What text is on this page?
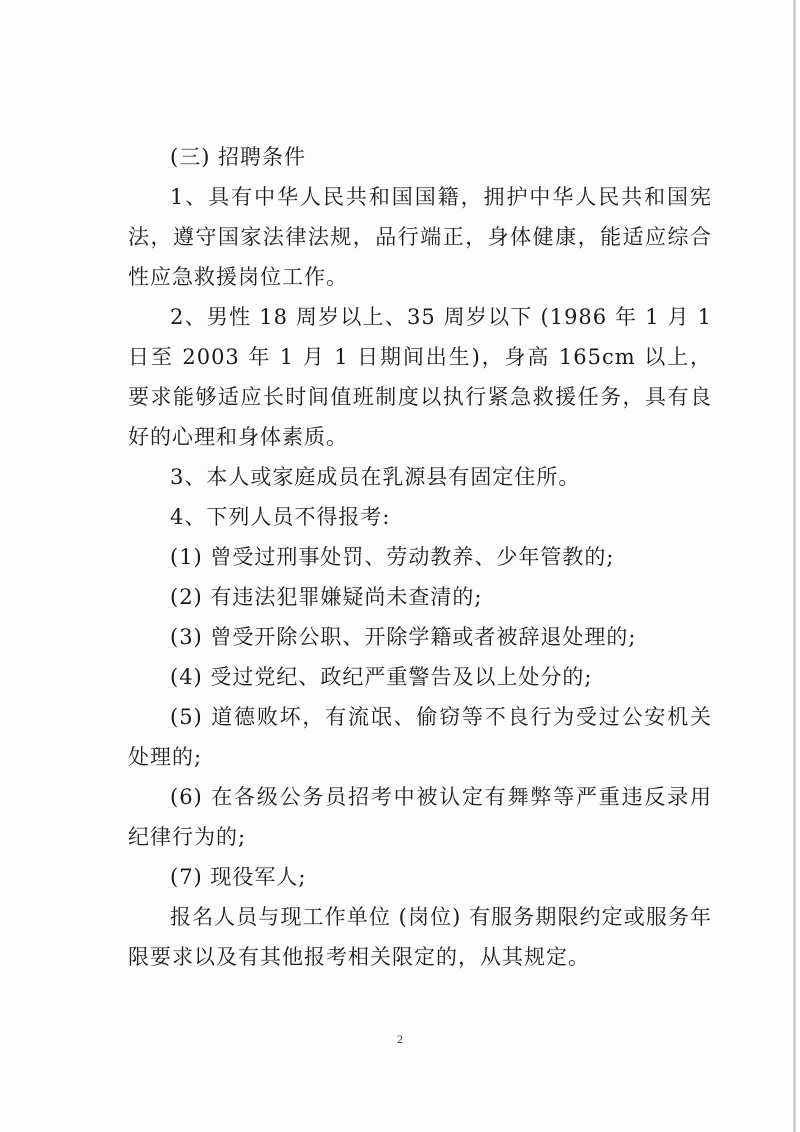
(三) 招聘条件

1、具有中华人民共和国国籍，拥护中华人民共和国宪法，遵守国家法律法规，品行端正，身体健康，能适应综合性应急救援岗位工作。

2、男性 18 周岁以上、35 周岁以下 (1986 年 1 月 1 日至 2003 年 1 月 1 日期间出生)，身高 165cm 以上，要求能够适应长时间值班制度以执行紧急救援任务，具有良好的心理和身体素质。

3、本人或家庭成员在乳源县有固定住所。

4、下列人员不得报考:

(1) 曾受过刑事处罚、劳动教养、少年管教的;

(2) 有违法犯罪嫌疑尚未查清的;

(3) 曾受开除公职、开除学籍或者被辞退处理的;

(4) 受过党纪、政纪严重警告及以上处分的;

(5) 道德败坏，有流氓、偷窃等不良行为受过公安机关处理的;

(6) 在各级公务员招考中被认定有舞弊等严重违反录用纪律行为的;

(7) 现役军人;

报名人员与现工作单位 (岗位) 有服务期限约定或服务年限要求以及有其他报考相关限定的，从其规定。

2
